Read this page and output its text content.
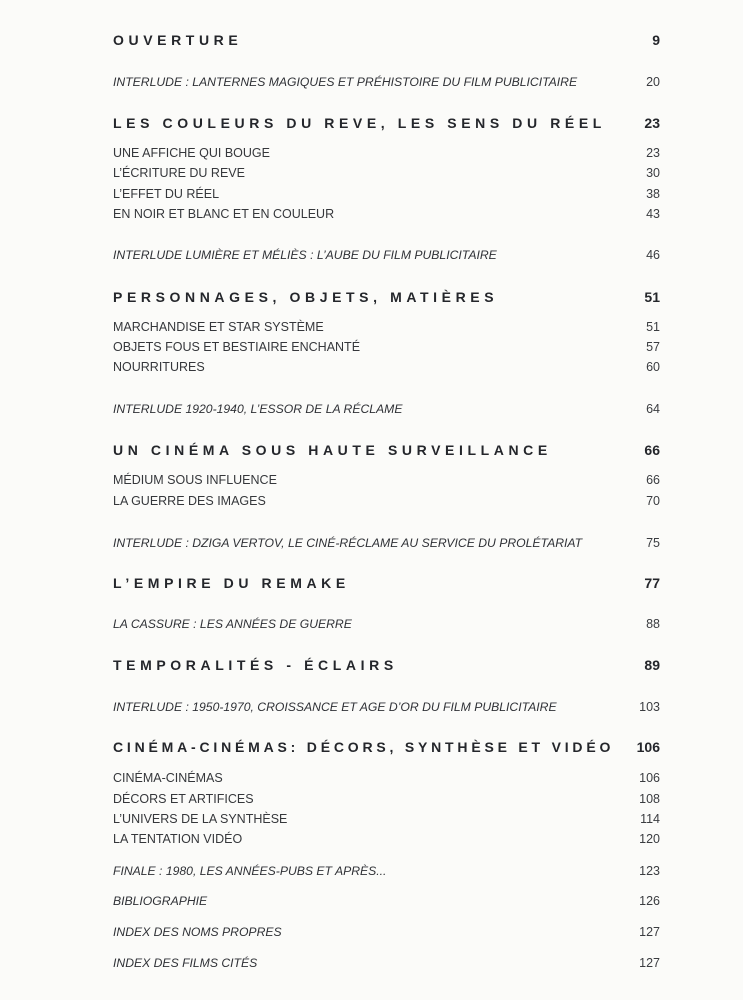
OUVERTURE	9
INTERLUDE : LANTERNES MAGIQUES ET PRÉHISTOIRE DU FILM PUBLICITAIRE	20
LES COULEURS DU REVE, LES SENS DU RÉEL	23
UNE AFFICHE QUI BOUGE	23
L’ÉCRITURE DU REVE	30
L’EFFET DU RÉEL	38
EN NOIR ET BLANC ET EN COULEUR	43
INTERLUDE LUMIÈRE ET MÉLIÈS : L’AUBE DU FILM PUBLICITAIRE	46
PERSONNAGES, OBJETS, MATIÈRES	51
MARCHANDISE ET STAR SYSTÈME	51
OBJETS FOUS ET BESTIAIRE ENCHANTÉ	57
NOURRITURES	60
INTERLUDE 1920-1940, L’ESSOR DE LA RÉCLAME	64
UN CINÉMA SOUS HAUTE SURVEILLANCE	66
MÉDIUM SOUS INFLUENCE	66
LA GUERRE DES IMAGES	70
INTERLUDE : DZIGA VERTOV, LE CINÉ-RÉCLAME AU SERVICE DU PROLÉTARIAT	75
L’EMPIRE DU REMAKE	77
LA CASSURE : LES ANNÉES DE GUERRE	88
TEMPORALITÉS - ÉCLAIRS	89
INTERLUDE : 1950-1970, CROISSANCE ET AGE D’OR DU FILM PUBLICITAIRE	103
CINÉMA-CINÉMAS: DÉCORS, SYNTHÈSE ET VIDÉO 106
CINÉMA-CINÉMAS	106
DÉCORS ET ARTIFICES	108
L’UNIVERS DE LA SYNTHÈSE	114
LA TENTATION VIDÉO	120
FINALE : 1980, LES ANNÉES-PUBS ET APRÈS...	123
BIBLIOGRAPHIE	126
INDEX DES NOMS PROPRES	127
INDEX DES FILMS CITÉS	127
